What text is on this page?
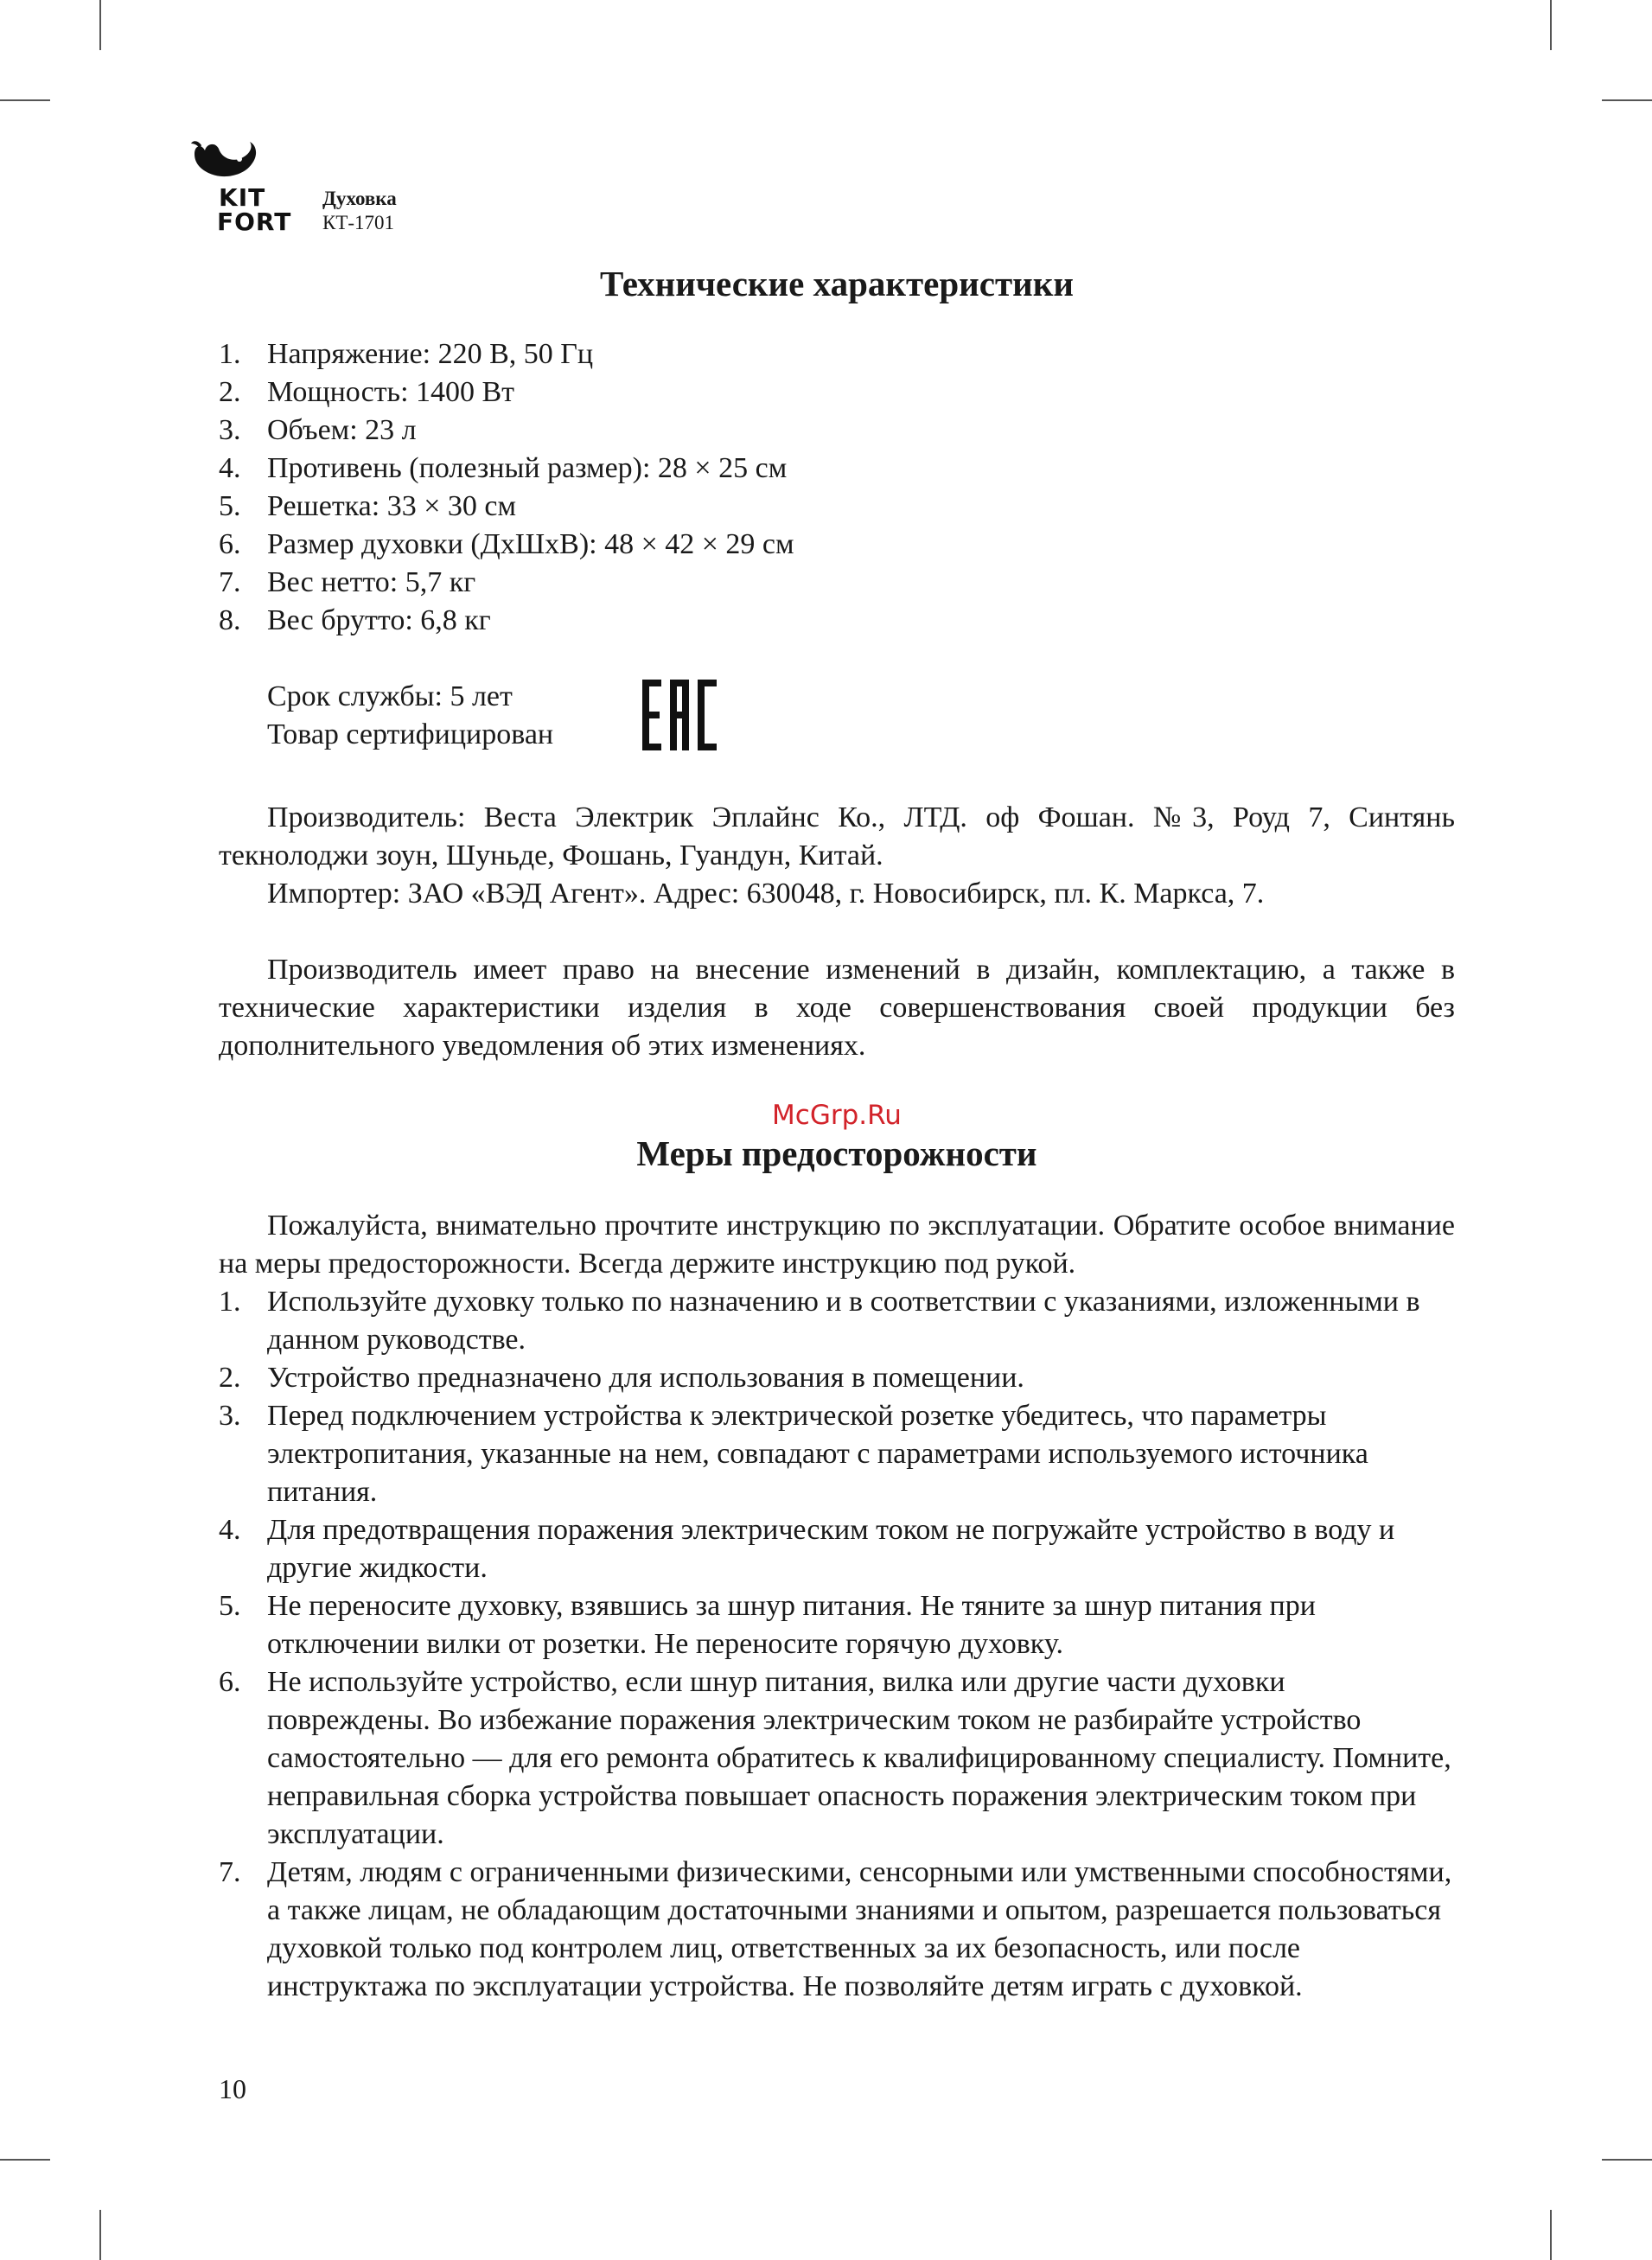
KIT
FORT
Духовка
КТ-1701
Технические характеристики
1. Напряжение: 220 В, 50 Гц
2. Мощность: 1400 Вт
3. Объем: 23 л
4. Противень (полезный размер): 28 × 25 см
5. Решетка: 33 × 30 см
6. Размер духовки (ДхШхВ): 48 × 42 × 29 см
7. Вес нетто: 5,7 кг
8. Вес брутто: 6,8 кг
Срок службы: 5 лет
Товар сертифицирован

Производитель: Веста Электрик Эплайнс Ко., ЛТД. оф Фошан. №3, Роуд 7, Синтянь текнолоджи зоун, Шуньде, Фошань, Гуандун, Китай.

Импортер: ЗАО «ВЭД Агент». Адрес: 630048, г. Новосибирск, пл. К. Маркса, 7.

Производитель имеет право на внесение изменений в дизайн, комплектацию, а также в технические характеристики изделия в ходе совершенствования своей продукции без дополнительного уведомления об этих изменениях.

McGrp.Ru
Меры предосторожности

Пожалуйста, внимательно прочтите инструкцию по эксплуатации. Обратите особое внимание на меры предосторожности. Всегда держите инструкцию под рукой.

1. Используйте духовку только по назначению и в соответствии с указаниями, изложенными в данном руководстве.
2. Устройство предназначено для использования в помещении.
3. Перед подключением устройства к электрической розетке убедитесь, что параметры электропитания, указанные на нем, совпадают с параметрами используемого источника питания.
4. Для предотвращения поражения электрическим током не погружайте устройство в воду и другие жидкости.
5. Не переносите духовку, взявшись за шнур питания. Не тяните за шнур питания при отключении вилки от розетки. Не переносите горячую духовку.
6. Не используйте устройство, если шнур питания, вилка или другие части духовки повреждены. Во избежание поражения электрическим током не разбирайте устройство самостоятельно — для его ремонта обратитесь к квалифицированному специалисту. Помните, неправильная сборка устройства повышает опасность поражения электрическим током при эксплуатации.
7. Детям, людям с ограниченными физическими, сенсорными или умственными способностями, а также лицам, не обладающим достаточными знаниями и опытом, разрешается пользоваться духовкой только под контролем лиц, ответственных за их безопасность, или после инструктажа по эксплуатации устройства. Не позволяйте детям играть с духовкой.
10
